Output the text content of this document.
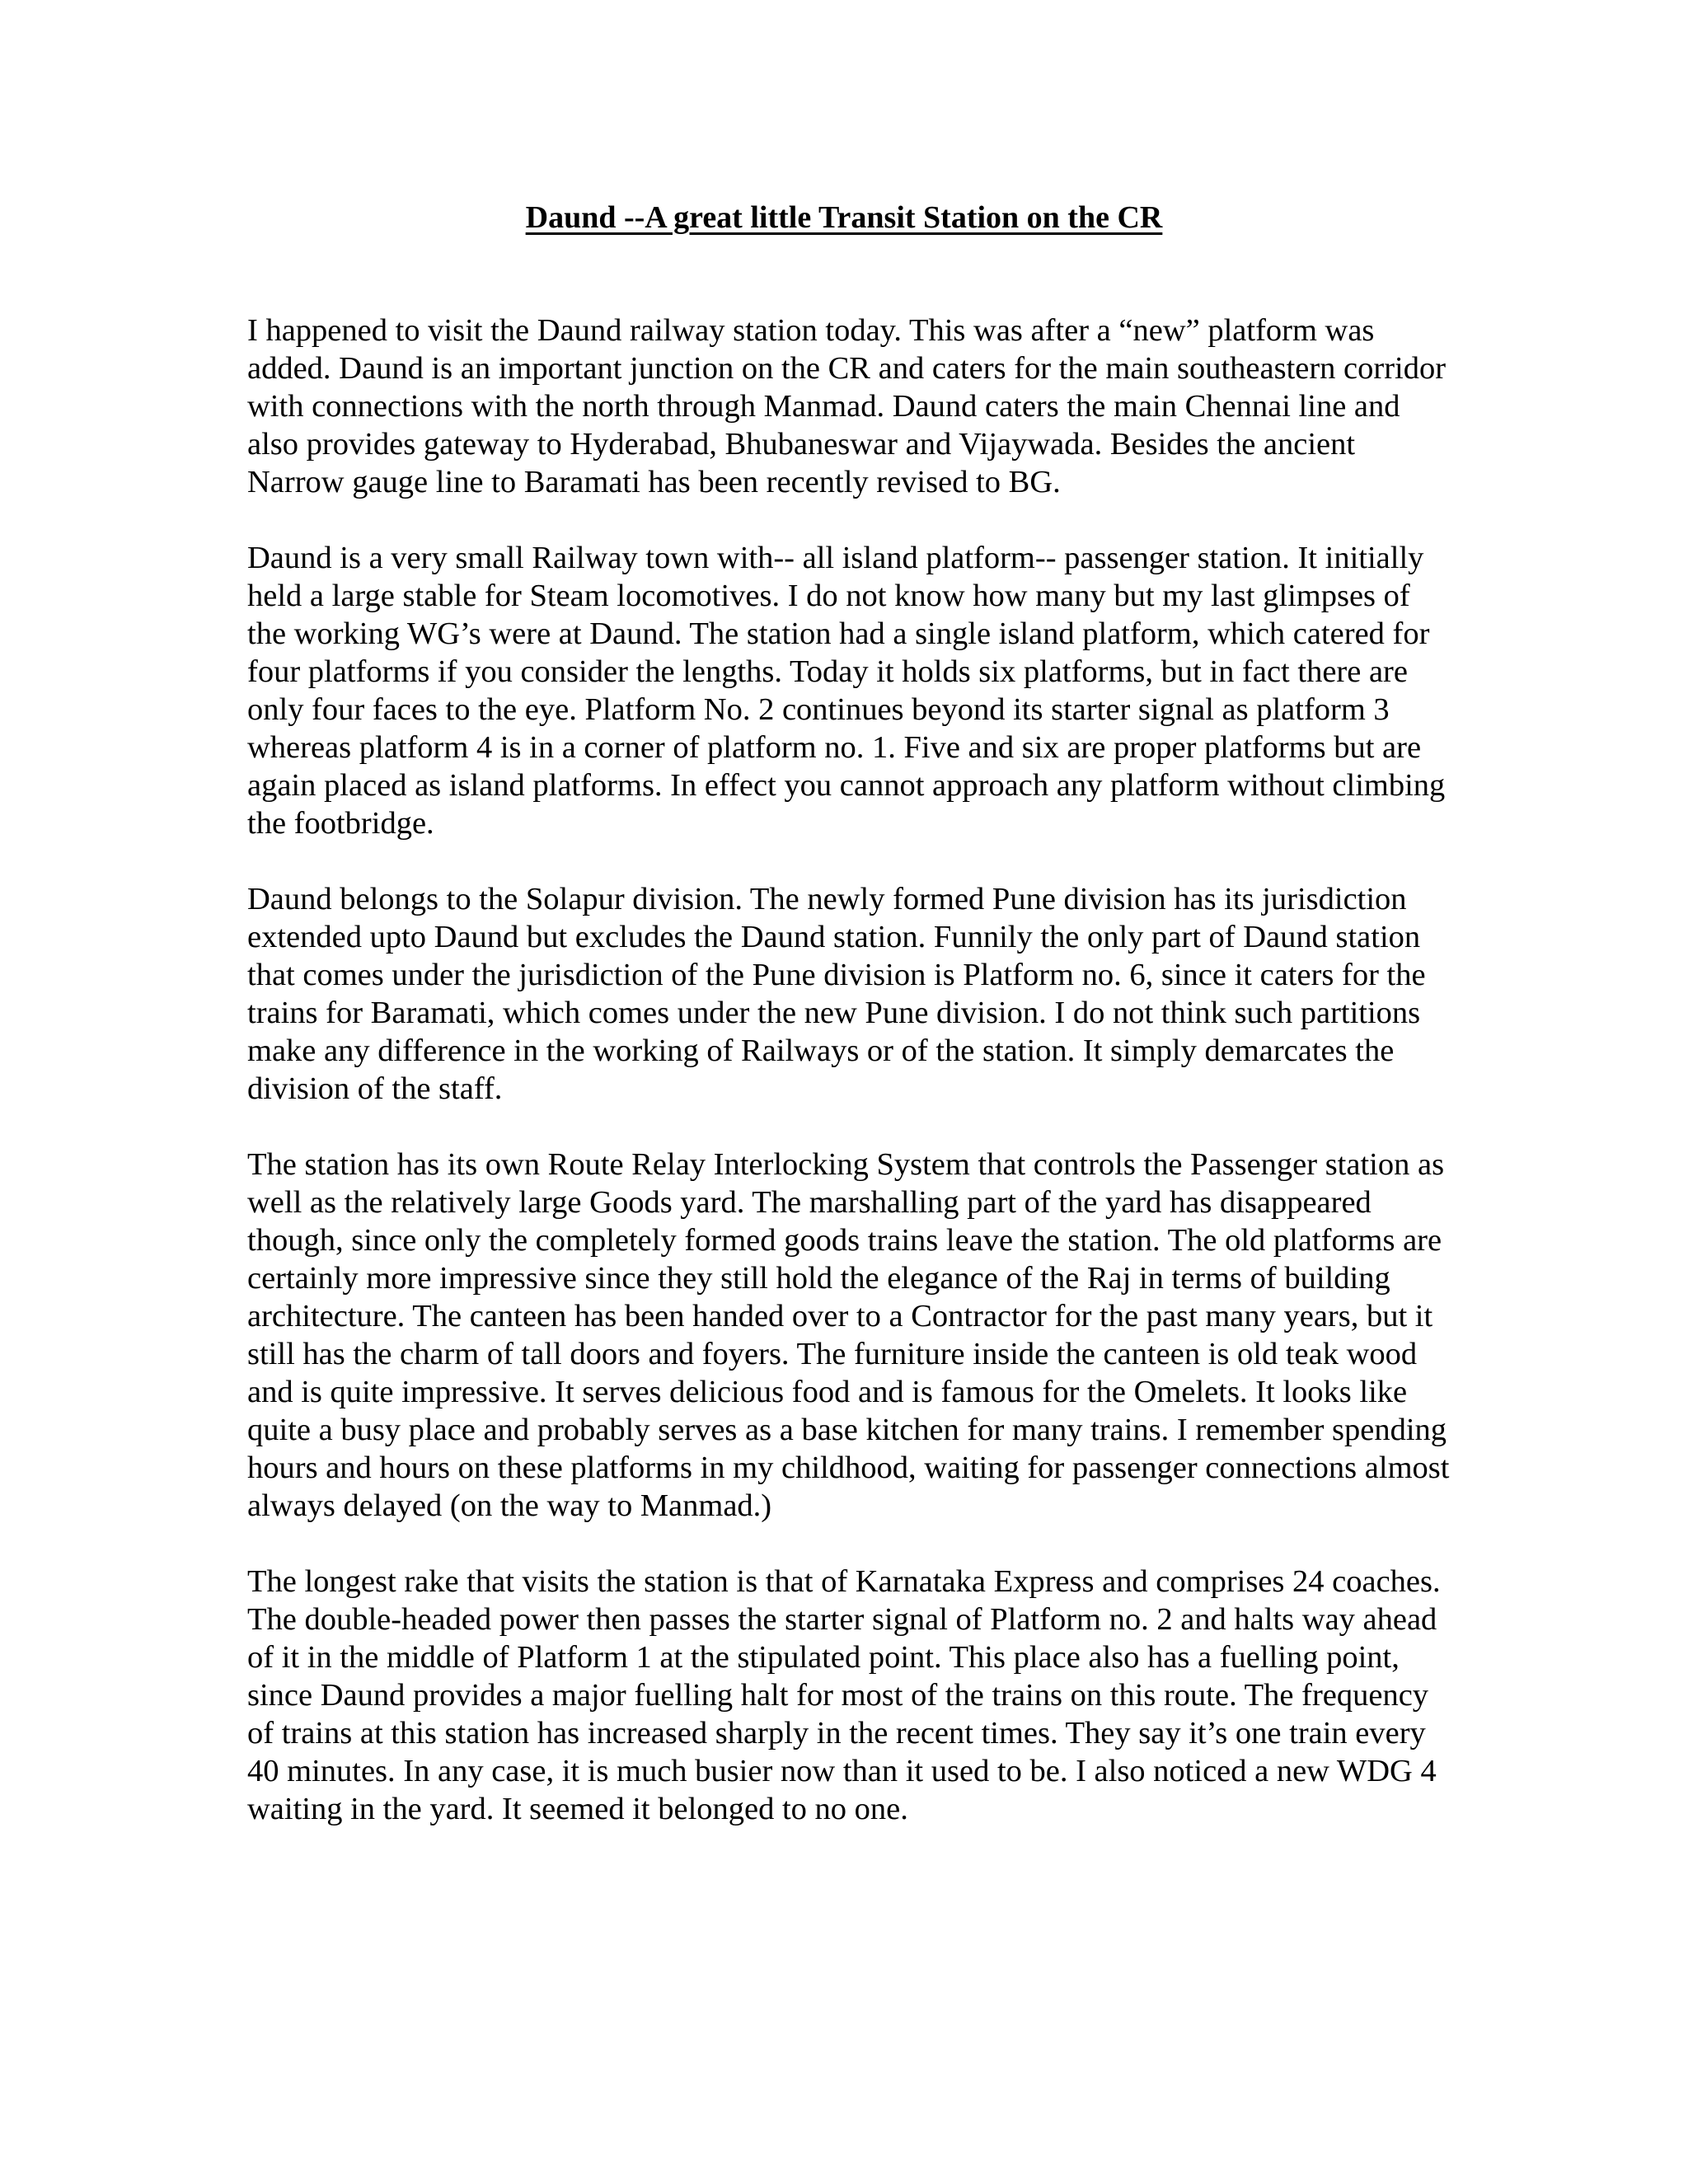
Daund --A great little Transit Station on the CR

I happened to visit the Daund railway station today. This was after a “new” platform was added. Daund is an important junction on the CR and caters for the main southeastern corridor with connections with the north through Manmad. Daund caters the main Chennai line and also provides gateway to Hyderabad, Bhubaneswar and Vijaywada. Besides the ancient Narrow gauge line to Baramati has been recently revised to BG.

Daund is a very small Railway town with-- all island platform-- passenger station. It initially held a large stable for Steam locomotives. I do not know how many but my last glimpses of the working WG’s were at Daund. The station had a single island platform, which catered for four platforms if you consider the lengths. Today it holds six platforms, but in fact there are only four faces to the eye. Platform No. 2 continues beyond its starter signal as platform 3 whereas platform 4 is in a corner of platform no. 1. Five and six are proper platforms but are again placed as island platforms. In effect you cannot approach any platform without climbing the footbridge.

Daund belongs to the Solapur division. The newly formed Pune division has its jurisdiction extended upto Daund but excludes the Daund station. Funnily the only part of Daund station that comes under the jurisdiction of the Pune division is Platform no. 6, since it caters for the trains for Baramati, which comes under the new Pune division. I do not think such partitions make any difference in the working of Railways or of the station. It simply demarcates the division of the staff.

The station has its own Route Relay Interlocking System that controls the Passenger station as well as the relatively large Goods yard. The marshalling part of the yard has disappeared though, since only the completely formed goods trains leave the station. The old platforms are certainly more impressive since they still hold the elegance of the Raj in terms of building architecture. The canteen has been handed over to a Contractor for the past many years, but it still has the charm of tall doors and foyers. The furniture inside the canteen is old teak wood and is quite impressive. It serves delicious food and is famous for the Omelets. It looks like quite a busy place and probably serves as a base kitchen for many trains. I remember spending hours and hours on these platforms in my childhood, waiting for passenger connections almost always delayed (on the way to Manmad.)

The longest rake that visits the station is that of Karnataka Express and comprises 24 coaches. The double-headed power then passes the starter signal of Platform no. 2 and halts way ahead of it in the middle of Platform 1 at the stipulated point. This place also has a fuelling point, since Daund provides a major fuelling halt for most of the trains on this route. The frequency of trains at this station has increased sharply in the recent times. They say it’s one train every 40 minutes. In any case, it is much busier now than it used to be. I also noticed a new WDG 4 waiting in the yard. It seemed it belonged to no one.
